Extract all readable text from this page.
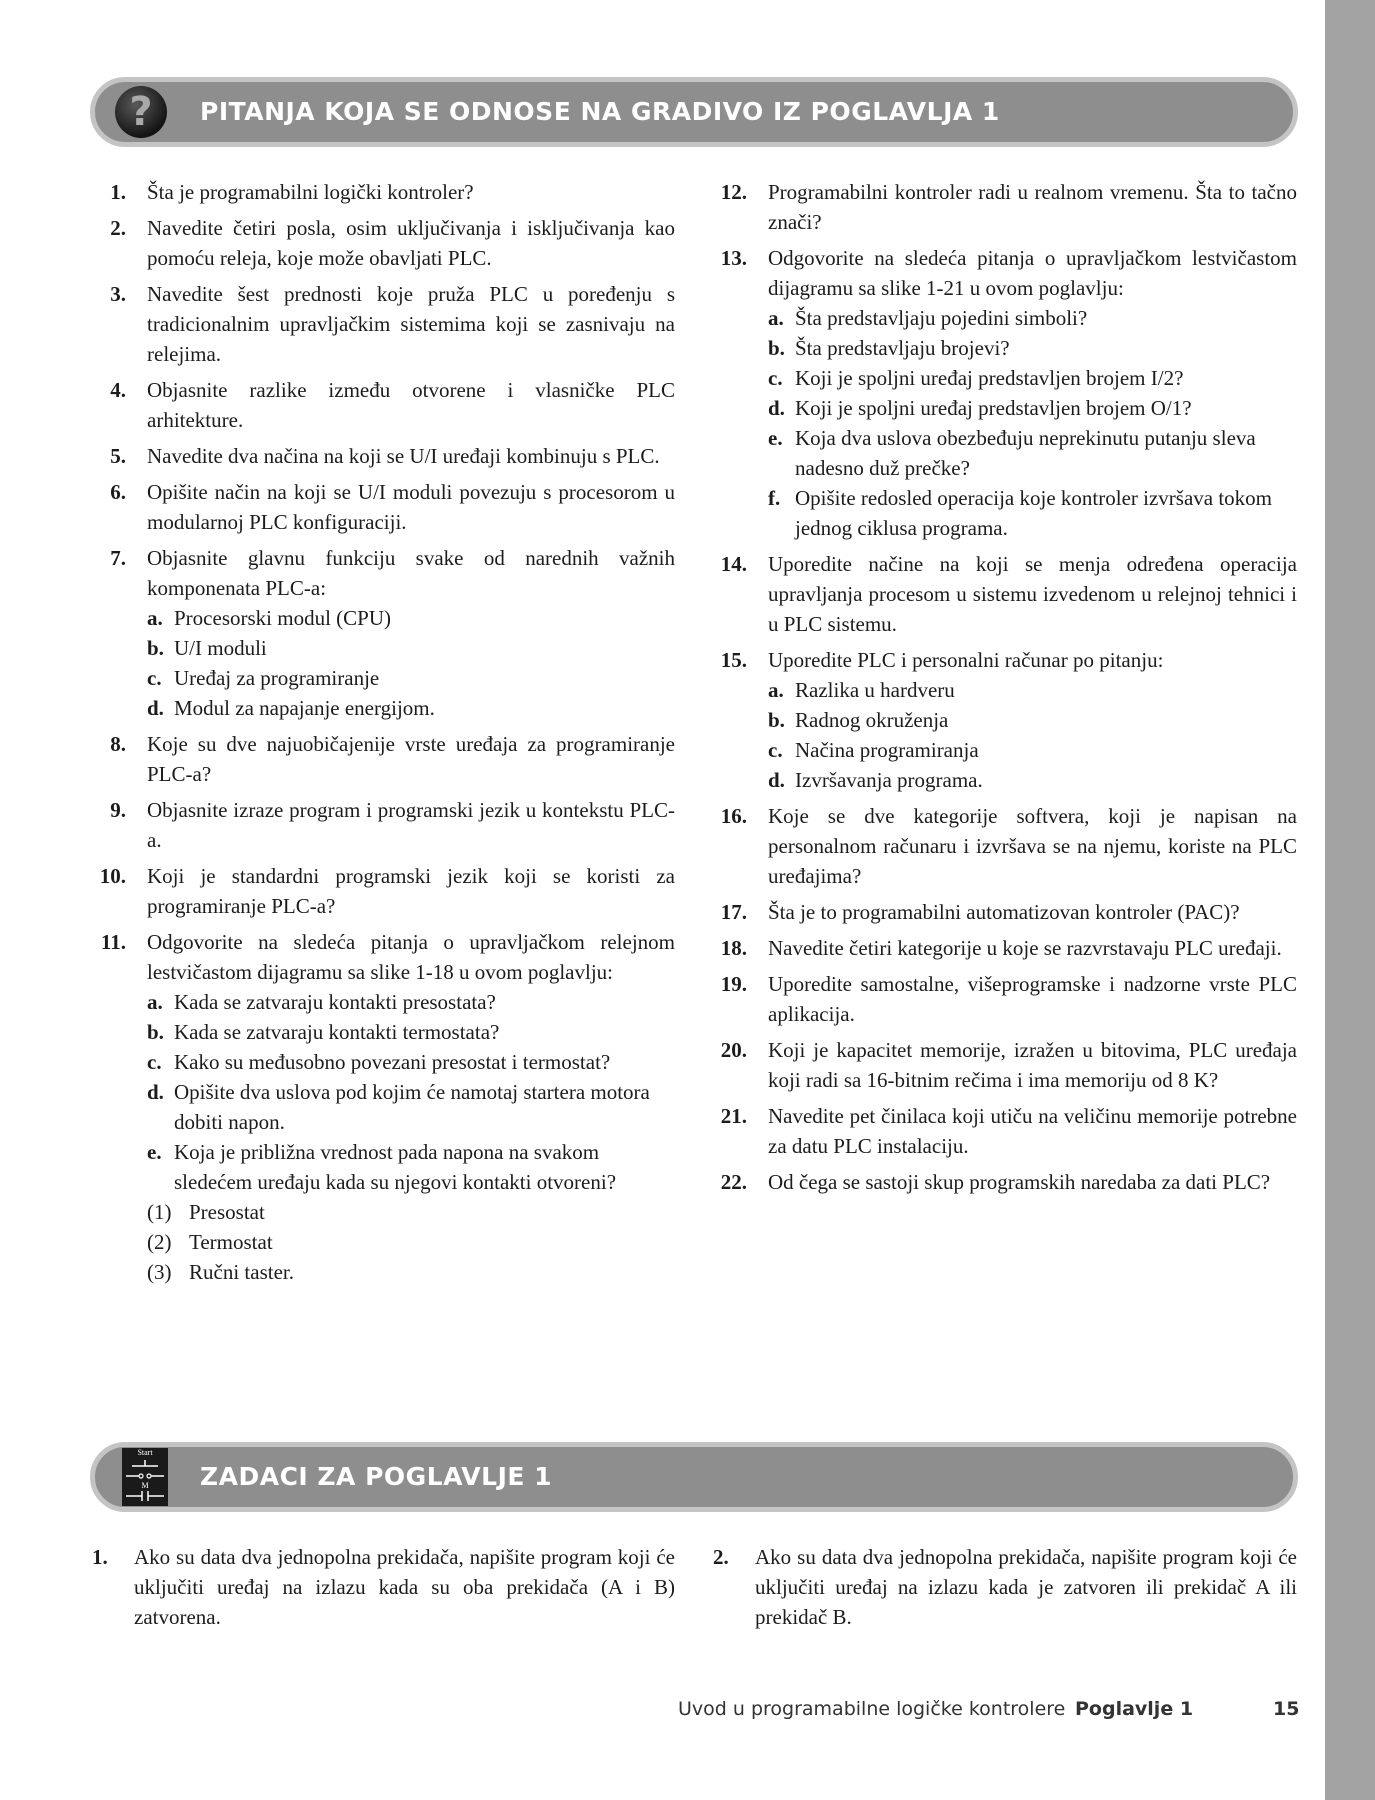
?	PITANJA KOJA SE ODNOSE NA GRADIVO IZ POGLAVLJA 1
1. Šta je programabilni logički kontroler?
2. Navedite četiri posla, osim uključivanja i isključivanja kao pomoću releja, koje može obavljati PLC.
3. Navedite šest prednosti koje pruža PLC u poređenju s tradicionalnim upravljačkim sistemima koji se zasnivaju na relejima.
4. Objasnite razlike između otvorene i vlasničke PLC arhitekture.
5. Navedite dva načina na koji se U/I uređaji kombinuju s PLC.
6. Opišite način na koji se U/I moduli povezuju s procesorom u modularnoj PLC konfiguraciji.
7. Objasnite glavnu funkciju svake od narednih važnih komponenata PLC-a:
a. Procesorski modul (CPU)
b. U/I moduli
c. Uređaj za programiranje
d. Modul za napajanje energijom.
8. Koje su dve najuobičajenije vrste uređaja za programiranje PLC-a?
9. Objasnite izraze program i programski jezik u kontekstu PLC-a.
10. Koji je standardni programski jezik koji se koristi za programiranje PLC-a?
11. Odgovorite na sledeća pitanja o upravljačkom relejnom lestvičastom dijagramu sa slike 1-18 u ovom poglavlju:
a. Kada se zatvaraju kontakti presostata?
b. Kada se zatvaraju kontakti termostata?
c. Kako su međusobno povezani presostat i termostat?
d. Opišite dva uslova pod kojim će namotaj startera motora dobiti napon.
e. Koja je približna vrednost pada napona na svakom sledećem uređaju kada su njegovi kontakti otvoreni?
(1) Presostat
(2) Termostat
(3) Ručni taster.
12. Programabilni kontroler radi u realnom vremenu. Šta to tačno znači?
13. Odgovorite na sledeća pitanja o upravljačkom lestvičastom dijagramu sa slike 1-21 u ovom poglavlju:
a. Šta predstavljaju pojedini simboli?
b. Šta predstavljaju brojevi?
c. Koji je spoljni uređaj predstavljen brojem I/2?
d. Koji je spoljni uređaj predstavljen brojem O/1?
e. Koja dva uslova obezbeđuju neprekinutu putanju sleva nadesno duž prečke?
f. Opišite redosled operacija koje kontroler izvršava tokom jednog ciklusa programa.
14. Uporedite načine na koji se menja određena operacija upravljanja procesom u sistemu izvedenom u relejnoj tehnici i u PLC sistemu.
15. Uporedite PLC i personalni računar po pitanju:
a. Razlika u hardveru
b. Radnog okruženja
c. Načina programiranja
d. Izvršavanja programa.
16. Koje se dve kategorije softvera, koji je napisan na personalnom računaru i izvršava se na njemu, koriste na PLC uređajima?
17. Šta je to programabilni automatizovan kontroler (PAC)?
18. Navedite četiri kategorije u koje se razvrstavaju PLC uređaji.
19. Uporedite samostalne, višeprogramske i nadzorne vrste PLC aplikacija.
20. Koji je kapacitet memorije, izražen u bitovima, PLC uređaja koji radi sa 16-bitnim rečima i ima memoriju od 8 K?
21. Navedite pet činilaca koji utiču na veličinu memorije potrebne za datu PLC instalaciju.
22. Od čega se sastoji skup programskih naredaba za dati PLC?
Start
M	ZADACI ZA POGLAVLJE 1
1. Ako su data dva jednopolna prekidača, napišite program koji će uključiti uređaj na izlazu kada su oba prekidača (A i B) zatvorena.
2. Ako su data dva jednopolna prekidača, napišite program koji će uključiti uređaj na izlazu kada je zatvoren ili prekidač A ili prekidač B.
Uvod u programabilne logičke kontrolere Poglavlje 1	15
